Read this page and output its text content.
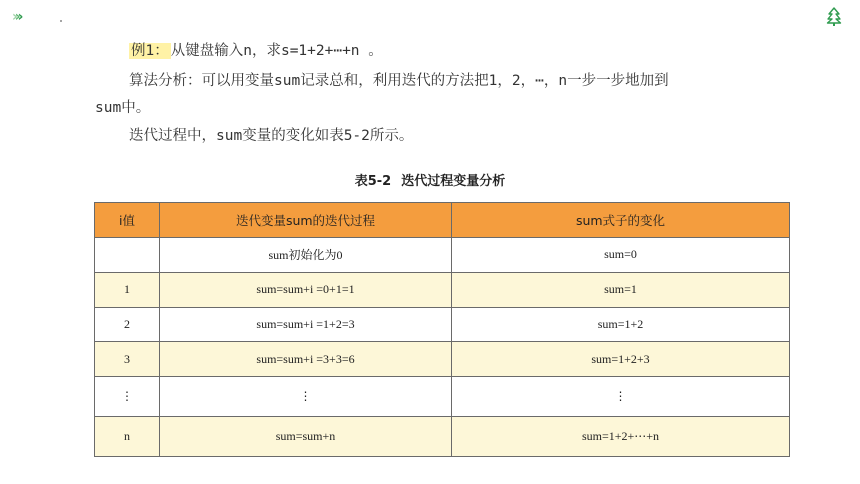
›››
例1： 从键盘输入n，求s=1+2+⋯+n 。
算法分析：可以用变量sum记录总和，利用迭代的方法把1，2，⋯，n一步一步地加到
sum中。
迭代过程中，sum变量的变化如表5-2所示。
表5-2 迭代过程变量分析
i值	迭代变量sum的迭代过程	sum式子的变化
	sum初始化为0	sum=0
1	sum=sum+i =0+1=1	sum=1
2	sum=sum+i =1+2=3	sum=1+2
3	sum=sum+i =3+3=6	sum=1+2+3
⋮	⋮	⋮
n	sum=sum+n	sum=1+2+⋯+n
